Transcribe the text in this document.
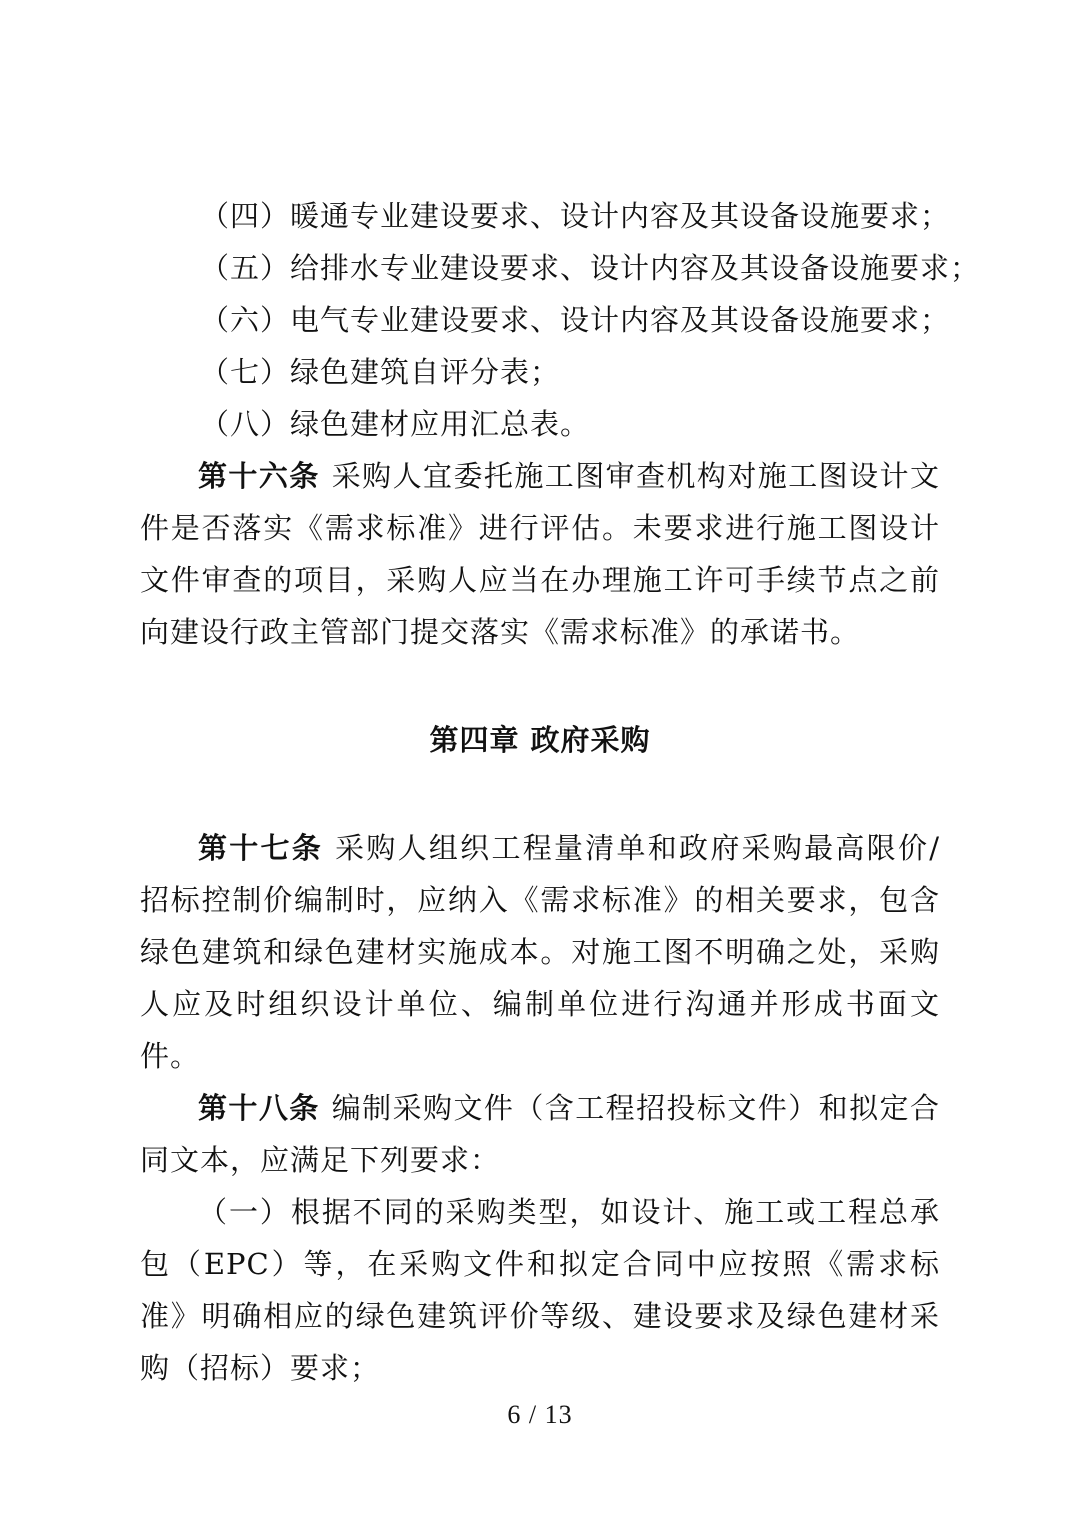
（四）暖通专业建设要求、设计内容及其设备设施要求；
（五）给排水专业建设要求、设计内容及其设备设施要求；
（六）电气专业建设要求、设计内容及其设备设施要求；
（七）绿色建筑自评分表；
（八）绿色建材应用汇总表。

第十六条 采购人宜委托施工图审查机构对施工图设计文件是否落实《需求标准》进行评估。未要求进行施工图设计文件审查的项目，采购人应当在办理施工许可手续节点之前向建设行政主管部门提交落实《需求标准》的承诺书。

第四章 政府采购

第十七条 采购人组织工程量清单和政府采购最高限价/招标控制价编制时，应纳入《需求标准》的相关要求，包含绿色建筑和绿色建材实施成本。对施工图不明确之处，采购人应及时组织设计单位、编制单位进行沟通并形成书面文件。

第十八条 编制采购文件（含工程招投标文件）和拟定合同文本，应满足下列要求：

（一）根据不同的采购类型，如设计、施工或工程总承包（EPC）等，在采购文件和拟定合同中应按照《需求标准》明确相应的绿色建筑评价等级、建设要求及绿色建材采购（招标）要求；

6 / 13
